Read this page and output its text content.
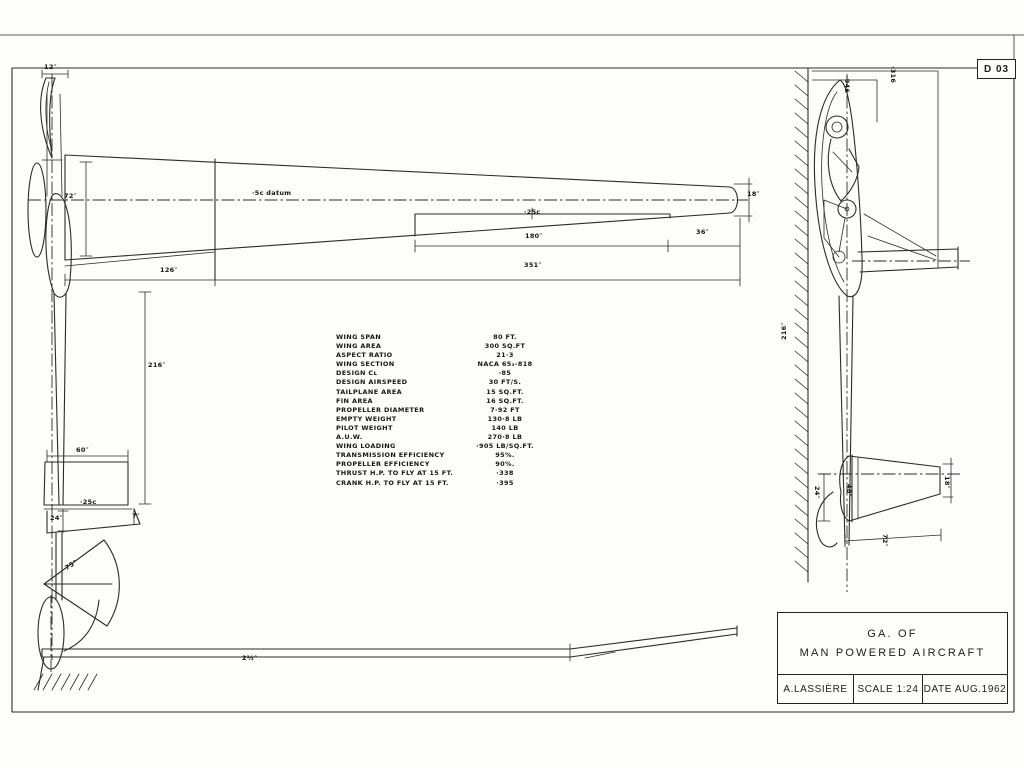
12″
72″	·5c datum
·25c
180″	36″
18″
126″
351″
216″
60″
·25c
24″	7″
75°
2½°
·946
·316
216″
24″	48″
18″
72″
WING SPAN	80 FT.
WING AREA	300 SQ.FT
ASPECT RATIO	21·3
WING SECTION	NACA 65₃-818
DESIGN Cʟ	·85
DESIGN AIRSPEED	30 FT/S.
TAILPLANE AREA	15 SQ.FT.
FIN AREA	16 SQ.FT.
PROPELLER DIAMETER	7·92 FT
EMPTY WEIGHT	130·8 LB
PILOT WEIGHT	140 LB
A.U.W.	270·8 LB
WING LOADING	·905 LB/SQ.FT.
TRANSMISSION EFFICIENCY	95%.
PROPELLER EFFICIENCY	90%.
THRUST H.P. TO FLY AT 15 FT.	·338
CRANK H.P. TO FLY AT 15 FT.	·395
D 03
GA. OF
MAN POWERED AIRCRAFT
A.LASSIÈRE SCALE 1:24 DATE AUG.1962
